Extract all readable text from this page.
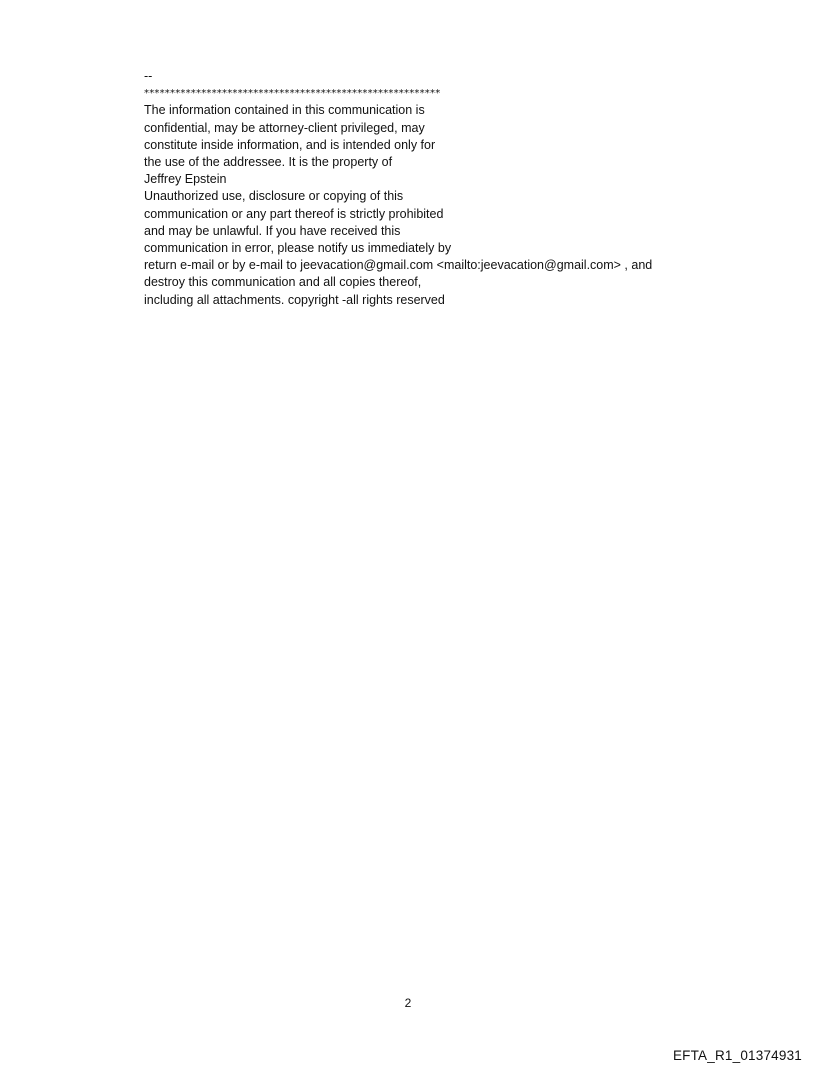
--
*********************************************************
The information contained in this communication is
confidential, may be attorney-client privileged, may
constitute inside information, and is intended only for
the use of the addressee. It is the property of
Jeffrey Epstein
Unauthorized use, disclosure or copying of this
communication or any part thereof is strictly prohibited
and may be unlawful. If you have received this
communication in error, please notify us immediately by
return e-mail or by e-mail to jeevacation@gmail.com <mailto:jeevacation@gmail.com> , and
destroy this communication and all copies thereof,
including all attachments. copyright -all rights reserved
2
EFTA_R1_01374931
